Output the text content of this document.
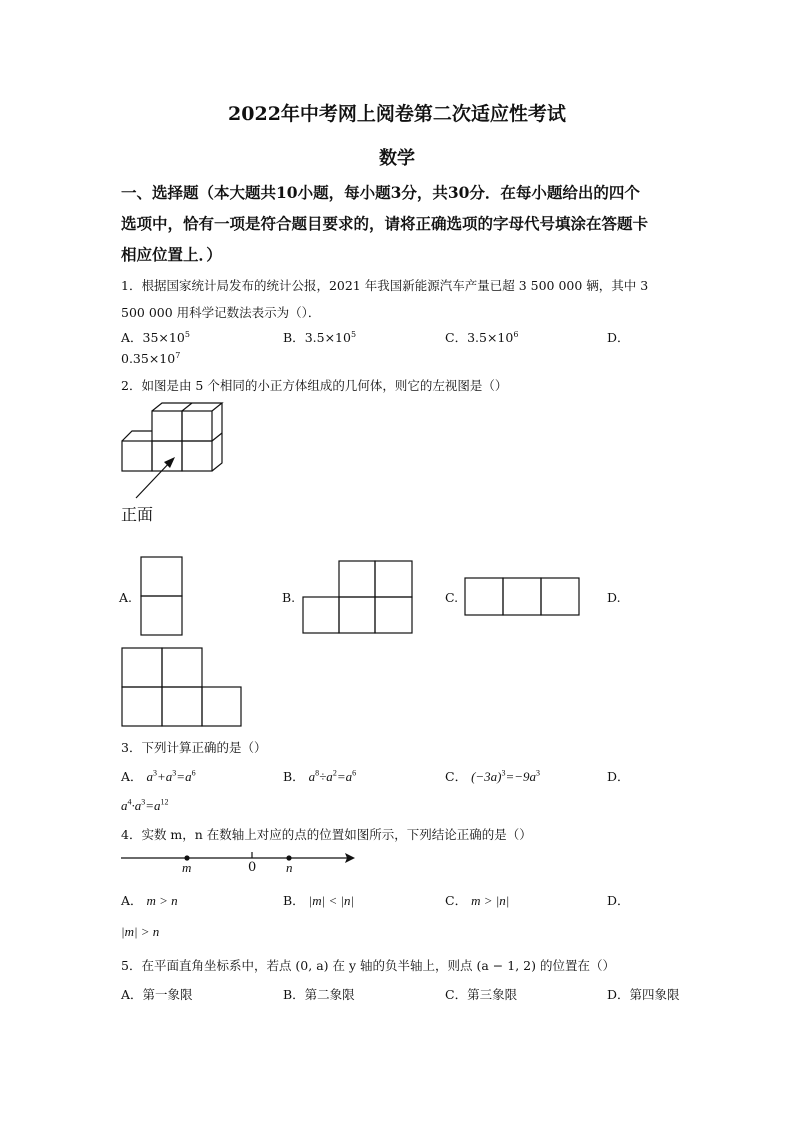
2022年中考网上阅卷第二次适应性考试
数学
一、选择题（本大题共10小题，每小题3分，共30分．在每小题给出的四个
选项中，恰有一项是符合题目要求的，请将正确选项的字母代号填涂在答题卡
相应位置上．）
1．根据国家统计局发布的统计公报，2021 年我国新能源汽车产量已超 3 500 000 辆，其中 3
500 000 用科学记数法表示为（）．
A．$35\times 10^5$	B．$3.5\times 10^5$	C．$3.5\times 10^6$	D．
$0.35\times 10^7$
2．如图是由 5 个相同的小正方体组成的几何体，则它的左视图是（）
正面
A.	B.	C.	D.
3．下列计算正确的是（）
A． $a^3+a^3=a^6$	B． $a^8\div a^2=a^6$	C． $(-3a)^3=-9a^3$	D．
$a^4\cdot a^3=a^{12}$
4．实数 m，n 在数轴上对应的点的位置如图所示，下列结论正确的是（）
m	0 n
A． m > n	B． |m| < |n|	C． m > |n|	D．
|m| > n
5．在平面直角坐标系中，若点 (0, a) 在 y 轴的负半轴上，则点 (a − 1, 2) 的位置在（）
A．第一象限	B．第二象限	C．第三象限	D．第四象限
